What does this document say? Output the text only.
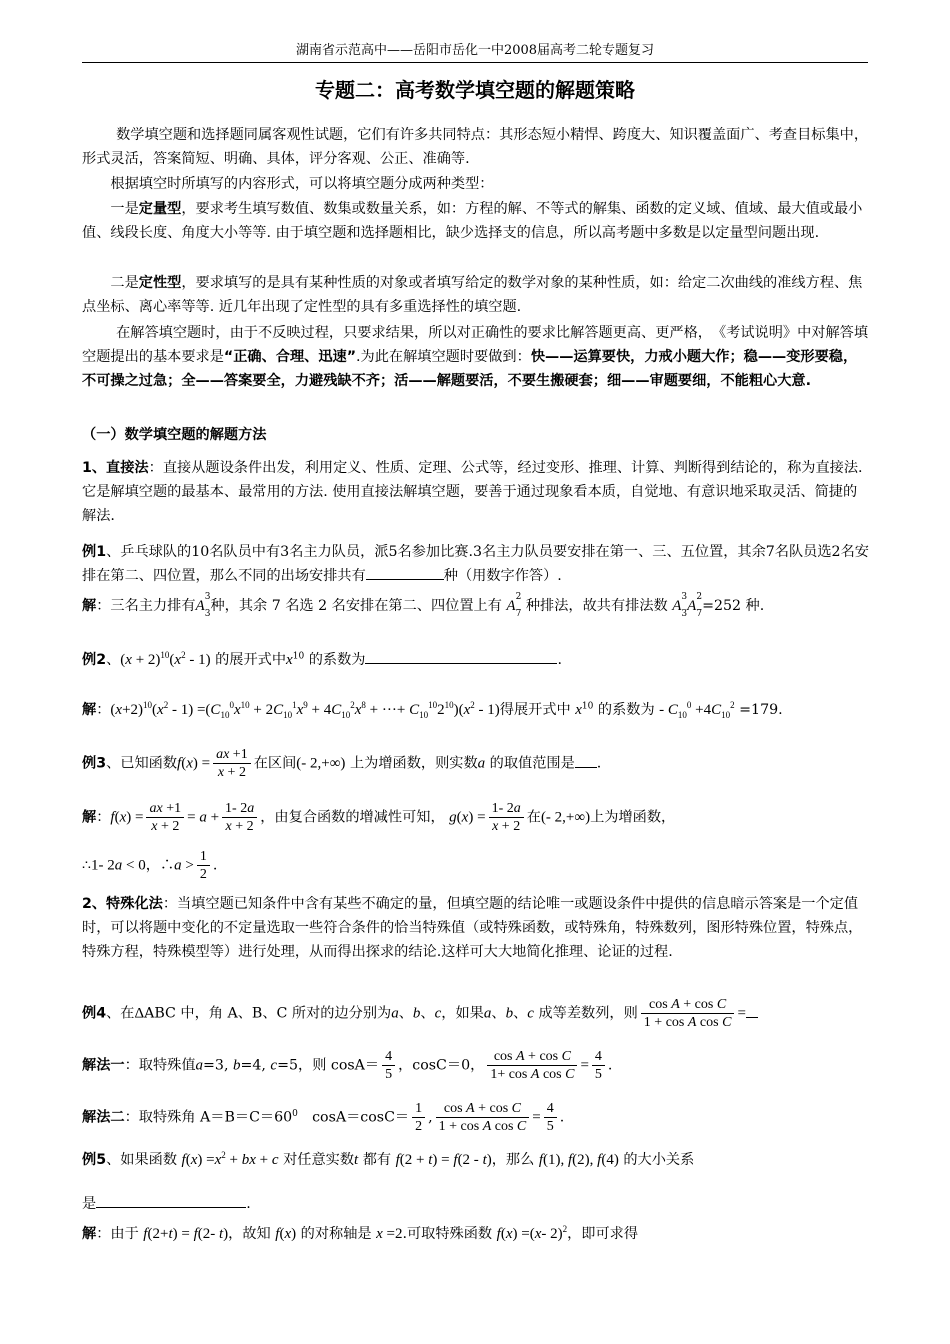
湖南省示范高中——岳阳市岳化一中2008届高考二轮专题复习
专题二：高考数学填空题的解题策略
数学填空题和选择题同属客观性试题，它们有许多共同特点：其形态短小精悍、跨度大、知识覆盖面广、考查目标集中，形式灵活，答案简短、明确、具体，评分客观、公正、准确等.
根据填空时所填写的内容形式，可以将填空题分成两种类型：
一是定量型，要求考生填写数值、数集或数量关系，如：方程的解、不等式的解集、函数的定义域、值域、最大值或最小值、线段长度、角度大小等等. 由于填空题和选择题相比，缺少选择支的信息，所以高考题中多数是以定量型问题出现.
二是定性型，要求填写的是具有某种性质的对象或者填写给定的数学对象的某种性质，如：给定二次曲线的准线方程、焦点坐标、离心率等等. 近几年出现了定性型的具有多重选择性的填空题.
在解答填空题时，由于不反映过程，只要求结果，所以对正确性的要求比解答题更高、更严格，　《考试说明》中对解答填空题提出的基本要求是“正确、合理、迅速”.为此在解填空题时要做到：快——运算要快，力戒小题大作；稳——变形要稳，不可操之过急；全——答案要全，力避残缺不齐；活——解题要活，不要生搬硬套；细——审题要细，不能粗心大意.
（一）数学填空题的解题方法
1、直接法：直接从题设条件出发，利用定义、性质、定理、公式等，经过变形、推理、计算、判断得到结论的，称为直接法.它是解填空题的最基本、最常用的方法. 使用直接法解填空题，要善于通过现象看本质，自觉地、有意识地采取灵活、简捷的解法.
例1、乒乓球队的10名队员中有3名主力队员，派5名参加比赛.3名主力队员要安排在第一、三、五位置，其余7名队员选2名安排在第二、四位置，那么不同的出场安排共有	种（用数字作答）.
解：三名主力排有$A^3$
$_3$种，其余 7 名选 2 名安排在第二、四位置上有 $A^2$
$_7$ 种排法，故共有排法数 $A^3$
$_3A^2$
$_7$=252 种.
例2、$(x + 2)^{10}(x^2 - 1)$ 的展开式中$x^{10}$ 的系数为	.
解：$(x+2)^{10}(x^2 - 1) =(C_{10}^0x^{10} + 2C_{10}^1x^9 + 4C_{10}^2x^8$ + ···+ $C_{10}^{10}2^{10})(x^2 - 1)$得展开式中 $x^{10}$ 的系数为 - $C_{10}^0 +4C_{10}^2 =179$.
例3、已知函数$f(x) = \frac{ax +1}{x + 2}$ 在区间(- 2,+∞) 上为增函数，则实数a 的取值范围是 .
解：$f(x) = \frac{ax +1}{x + 2} = a + \frac{1- 2a}{x + 2}$ ，由复合函数的增减性可知， $g(x) = \frac{1- 2a}{x + 2}$ 在(- 2,+∞)上为增函数，
∴1- 2a < 0，∴a > $\frac{1}{2}$ .
2、特殊化法：当填空题已知条件中含有某些不确定的量，但填空题的结论唯一或题设条件中提供的信息暗示答案是一个定值时，可以将题中变化的不定量选取一些符合条件的恰当特殊值（或特殊函数，或特殊角，特殊数列，图形特殊位置，特殊点，特殊方程，特殊模型等）进行处理，从而得出探求的结论.这样可大大地简化推理、论证的过程.
例4、在ΔABC 中，角 A、B、C 所对的边分别为a、b、c，如果a、b、c 成等差数列，则 $\frac{\text{cos A + cos C}}{\text{1 + cos A cos C}}$ =
解法一：取特殊值a=3, b=4, c=5，则 $\cos A= \frac{4}{5}$ ，cosC＝0， $\frac{\text{cos A + cos C}}{\text{1+ cos A cos C}} = \frac{4}{5}$ .
解法二：取特殊角 $A=B=C=60^0$　$\cos A=\cos C= \frac{1}{2}$ , $\frac{\text{cos A + cos C}}{\text{1 + cos A cos C}} = \frac{4}{5}$ .
例5、如果函数 $f(x) =x^2$ + bx + c 对任意实数t 都有 f(2 + t) = f(2 - t)，那么 f(1), f(2), f(4) 的大小关系
是	.
解：由于 f(2+t) = f(2- t)，故知 f(x) 的对称轴是 x =2.可取特殊函数 f(x) =(x- 2)$^2$，即可求得
